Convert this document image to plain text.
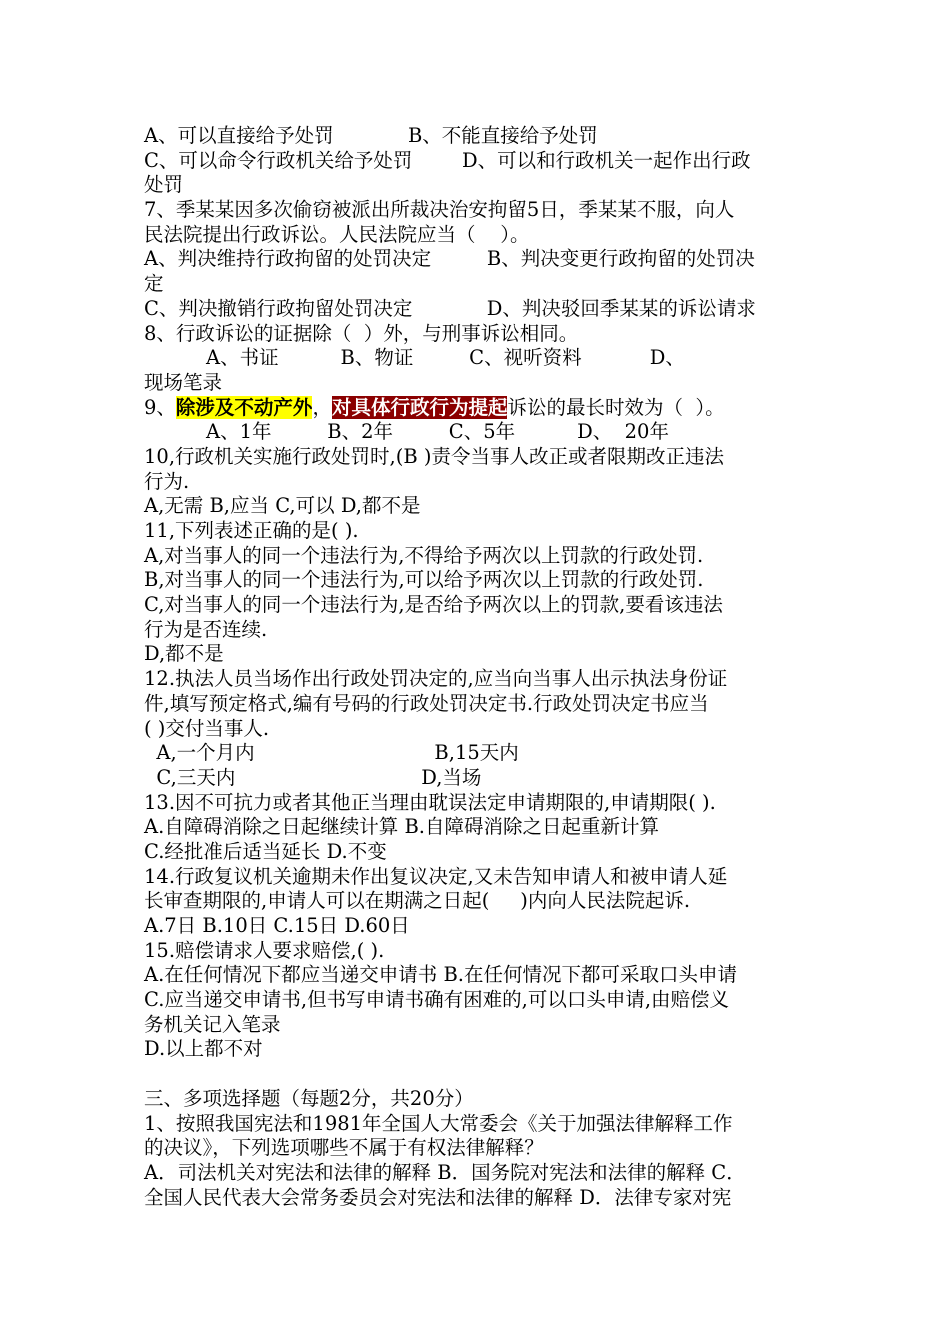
A、可以直接给予处罚            B、不能直接给予处罚
C、可以命令行政机关给予处罚        D、可以和行政机关一起作出行政
处罚
7、季某某因多次偷窃被派出所裁决治安拘留5日，季某某不服，向人
民法院提出行政诉讼。人民法院应当（    ）。
A、判决维持行政拘留的处罚决定         B、判决变更行政拘留的处罚决
定
C、判决撤销行政拘留处罚决定            D、判决驳回季某某的诉讼请求
8、行政诉讼的证据除（  ）外，与刑事诉讼相同。
A、书证          B、物证         C、视听资料           D、
现场笔录
9、除涉及不动产外，对具体行政行为提起诉讼的最长时效为（  ）。
A、1年         B、2年         C、5年          D、  20年
10,行政机关实施行政处罚时,(B )责令当事人改正或者限期改正违法
行为.
A,无需 B,应当 C,可以 D,都不是
11,下列表述正确的是( ).
A,对当事人的同一个违法行为,不得给予两次以上罚款的行政处罚.
B,对当事人的同一个违法行为,可以给予两次以上罚款的行政处罚.
C,对当事人的同一个违法行为,是否给予两次以上的罚款,要看该违法
行为是否连续.
D,都不是
12.执法人员当场作出行政处罚决定的,应当向当事人出示执法身份证
件,填写预定格式,编有号码的行政处罚决定书.行政处罚决定书应当
( )交付当事人.
A,一个月内                             B,15天内
C,三天内                              D,当场
13.因不可抗力或者其他正当理由耽误法定申请期限的,申请期限( ).
A.自障碍消除之日起继续计算 B.自障碍消除之日起重新计算
C.经批准后适当延长 D.不变
14.行政复议机关逾期未作出复议决定,又未告知申请人和被申请人延
长审查期限的,申请人可以在期满之日起(     )内向人民法院起诉.
A.7日 B.10日 C.15日 D.60日
15.赔偿请求人要求赔偿,( ).
A.在任何情况下都应当递交申请书 B.在任何情况下都可采取口头申请
C.应当递交申请书,但书写申请书确有困难的,可以口头申请,由赔偿义
务机关记入笔录
D.以上都不对
三、多项选择题（每题2分，共20分）
1、按照我国宪法和1981年全国人大常委会《关于加强法律解释工作
的决议》，下列选项哪些不属于有权法律解释？
A．司法机关对宪法和法律的解释 B．国务院对宪法和法律的解释 C．
全国人民代表大会常务委员会对宪法和法律的解释 D．法律专家对宪
